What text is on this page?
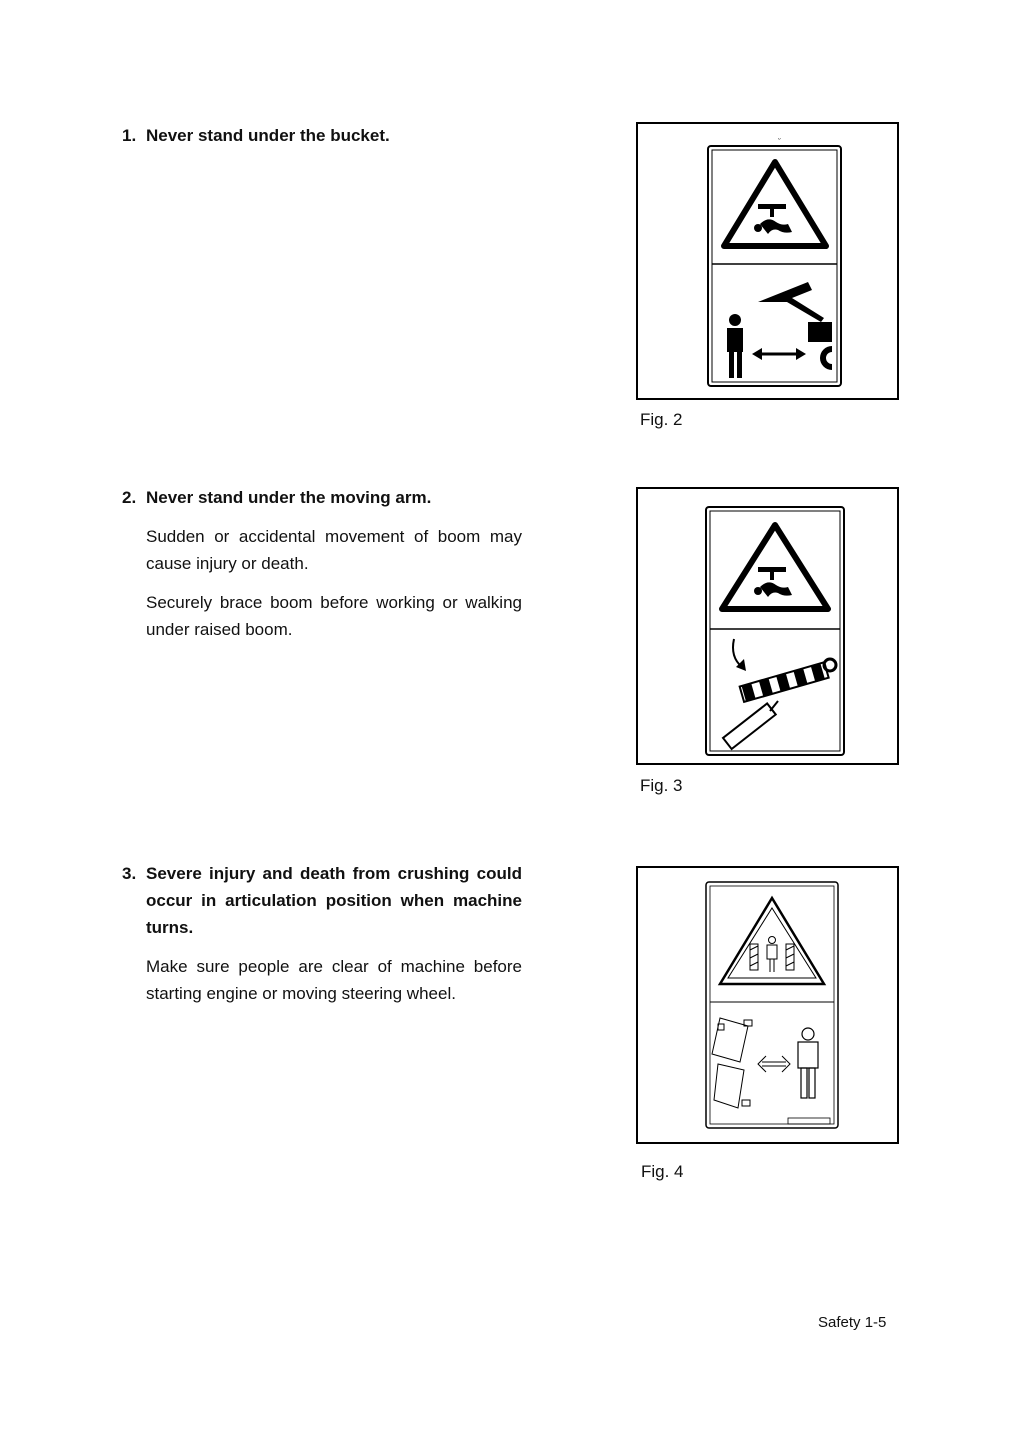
1. Never stand under the bucket.
2. Never stand under the moving arm.

Sudden or accidental movement of boom may cause injury or death.

Securely brace boom before working or walking under raised boom.

3. Severe injury and death from crushing could occur in articulation position when machine turns.

Make sure people are clear of machine before starting engine or moving steering wheel.

ᵕ
Fig. 2
Fig. 3
Fig. 4
Safety 1-5
